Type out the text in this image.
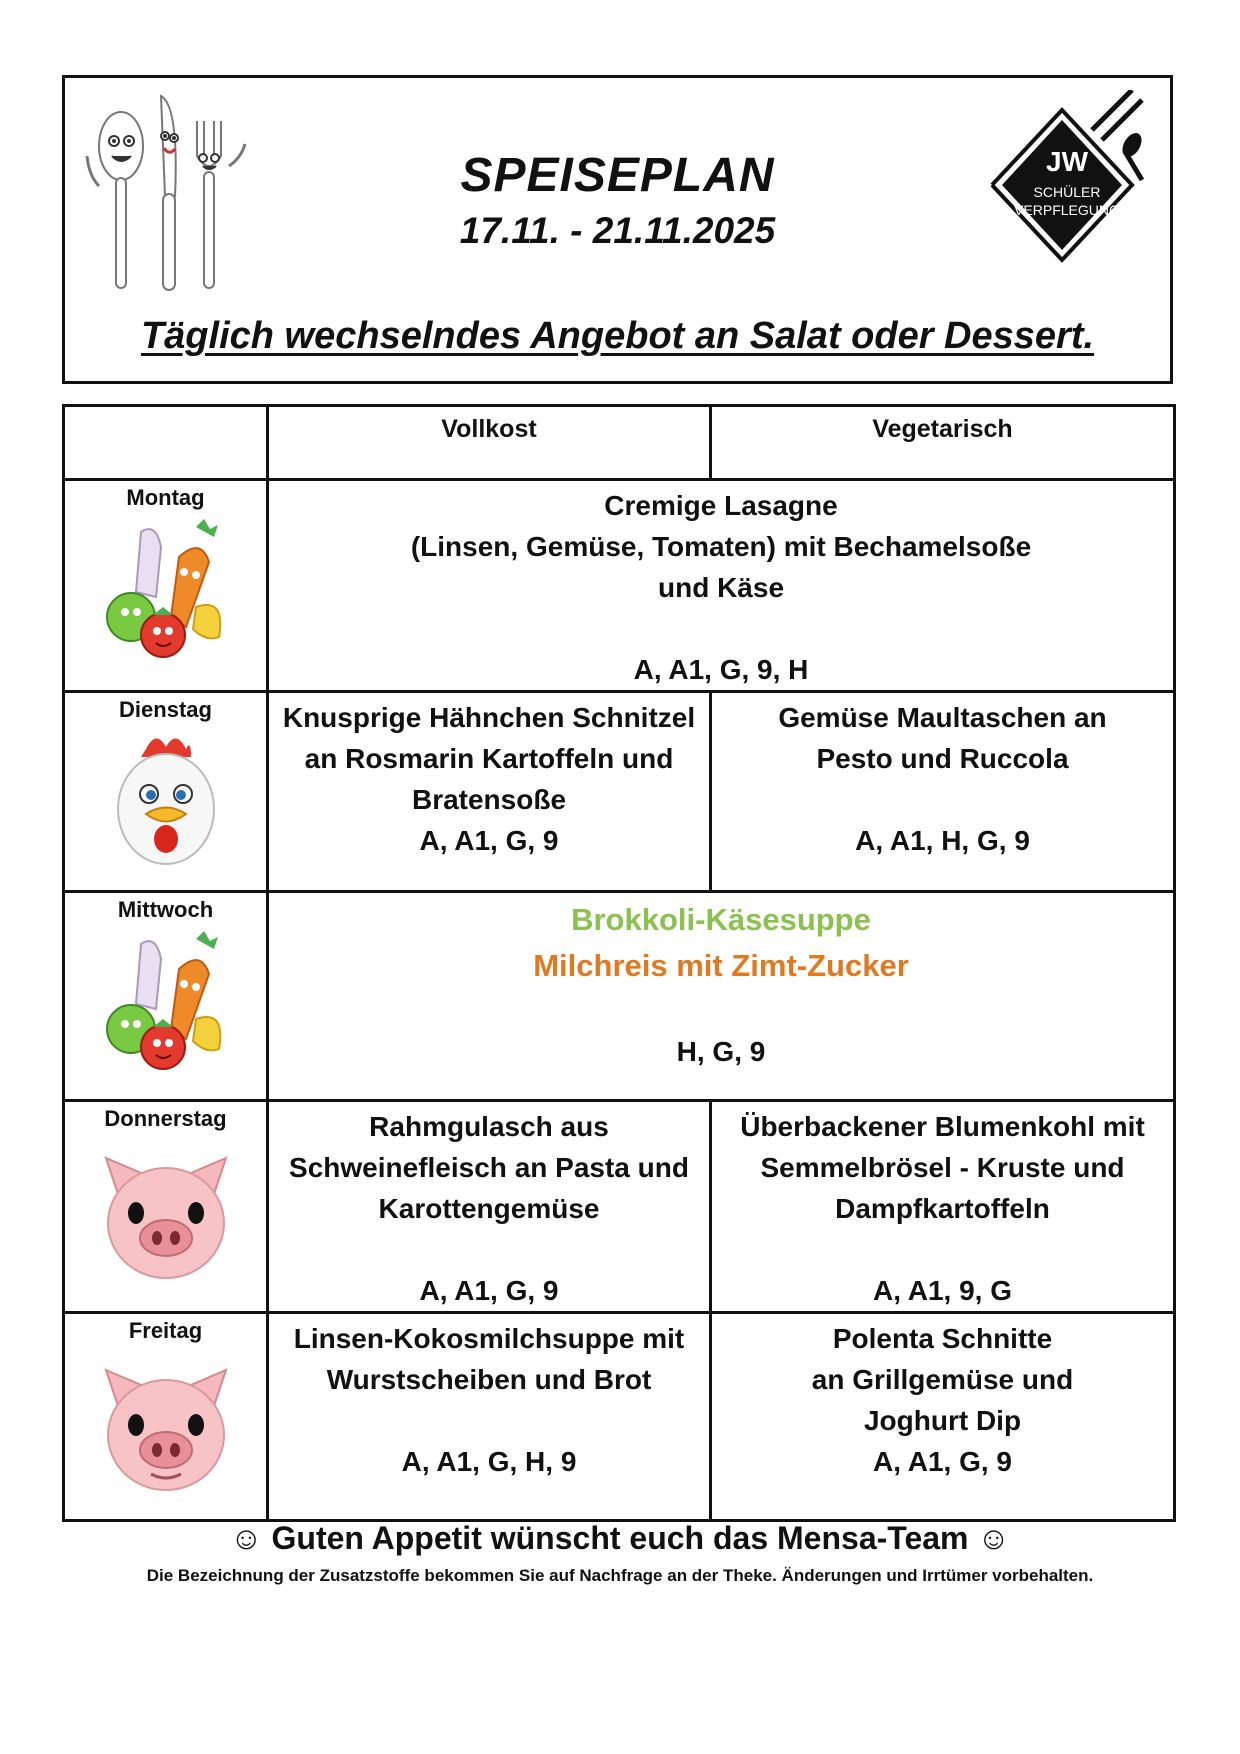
SPEISEPLAN
17.11. - 21.11.2025
JW
SCHÜLER
VERPFLEGUNG
Täglich wechselndes Angebot an Salat oder Dessert.
	Vollkost	Vegetarisch

Montag	Cremige Lasagne
(Linsen, Gemüse, Tomaten) mit Bechamelsoße
und Käse
A, A1, G, 9, H	

Dienstag	Knusprige Hähnchen Schnitzel
an Rosmarin Kartoffeln und
Bratensoße
A, A1, G, 9	Gemüse Maultaschen an
Pesto und Ruccola
A, A1, H, G, 9

Mittwoch	Brokkoli-Käsesuppe
Milchreis mit Zimt-Zucker
H, G, 9	

Donnerstag	Rahmgulasch aus
Schweinefleisch an Pasta und
Karottengemüse
A, A1, G, 9	Überbackener Blumenkohl mit
Semmelbrösel - Kruste und
Dampfkartoffeln
A, A1, 9, G

Freitag	Linsen-Kokosmilchsuppe mit
Wurstscheiben und Brot
A, A1, G, H, 9	Polenta Schnitte
an Grillgemüse und
Joghurt Dip
A, A1, G, 9
☺ Guten Appetit wünscht euch das Mensa-Team ☺
Die Bezeichnung der Zusatzstoffe bekommen Sie auf Nachfrage an der Theke. Änderungen und Irrtümer vorbehalten.
